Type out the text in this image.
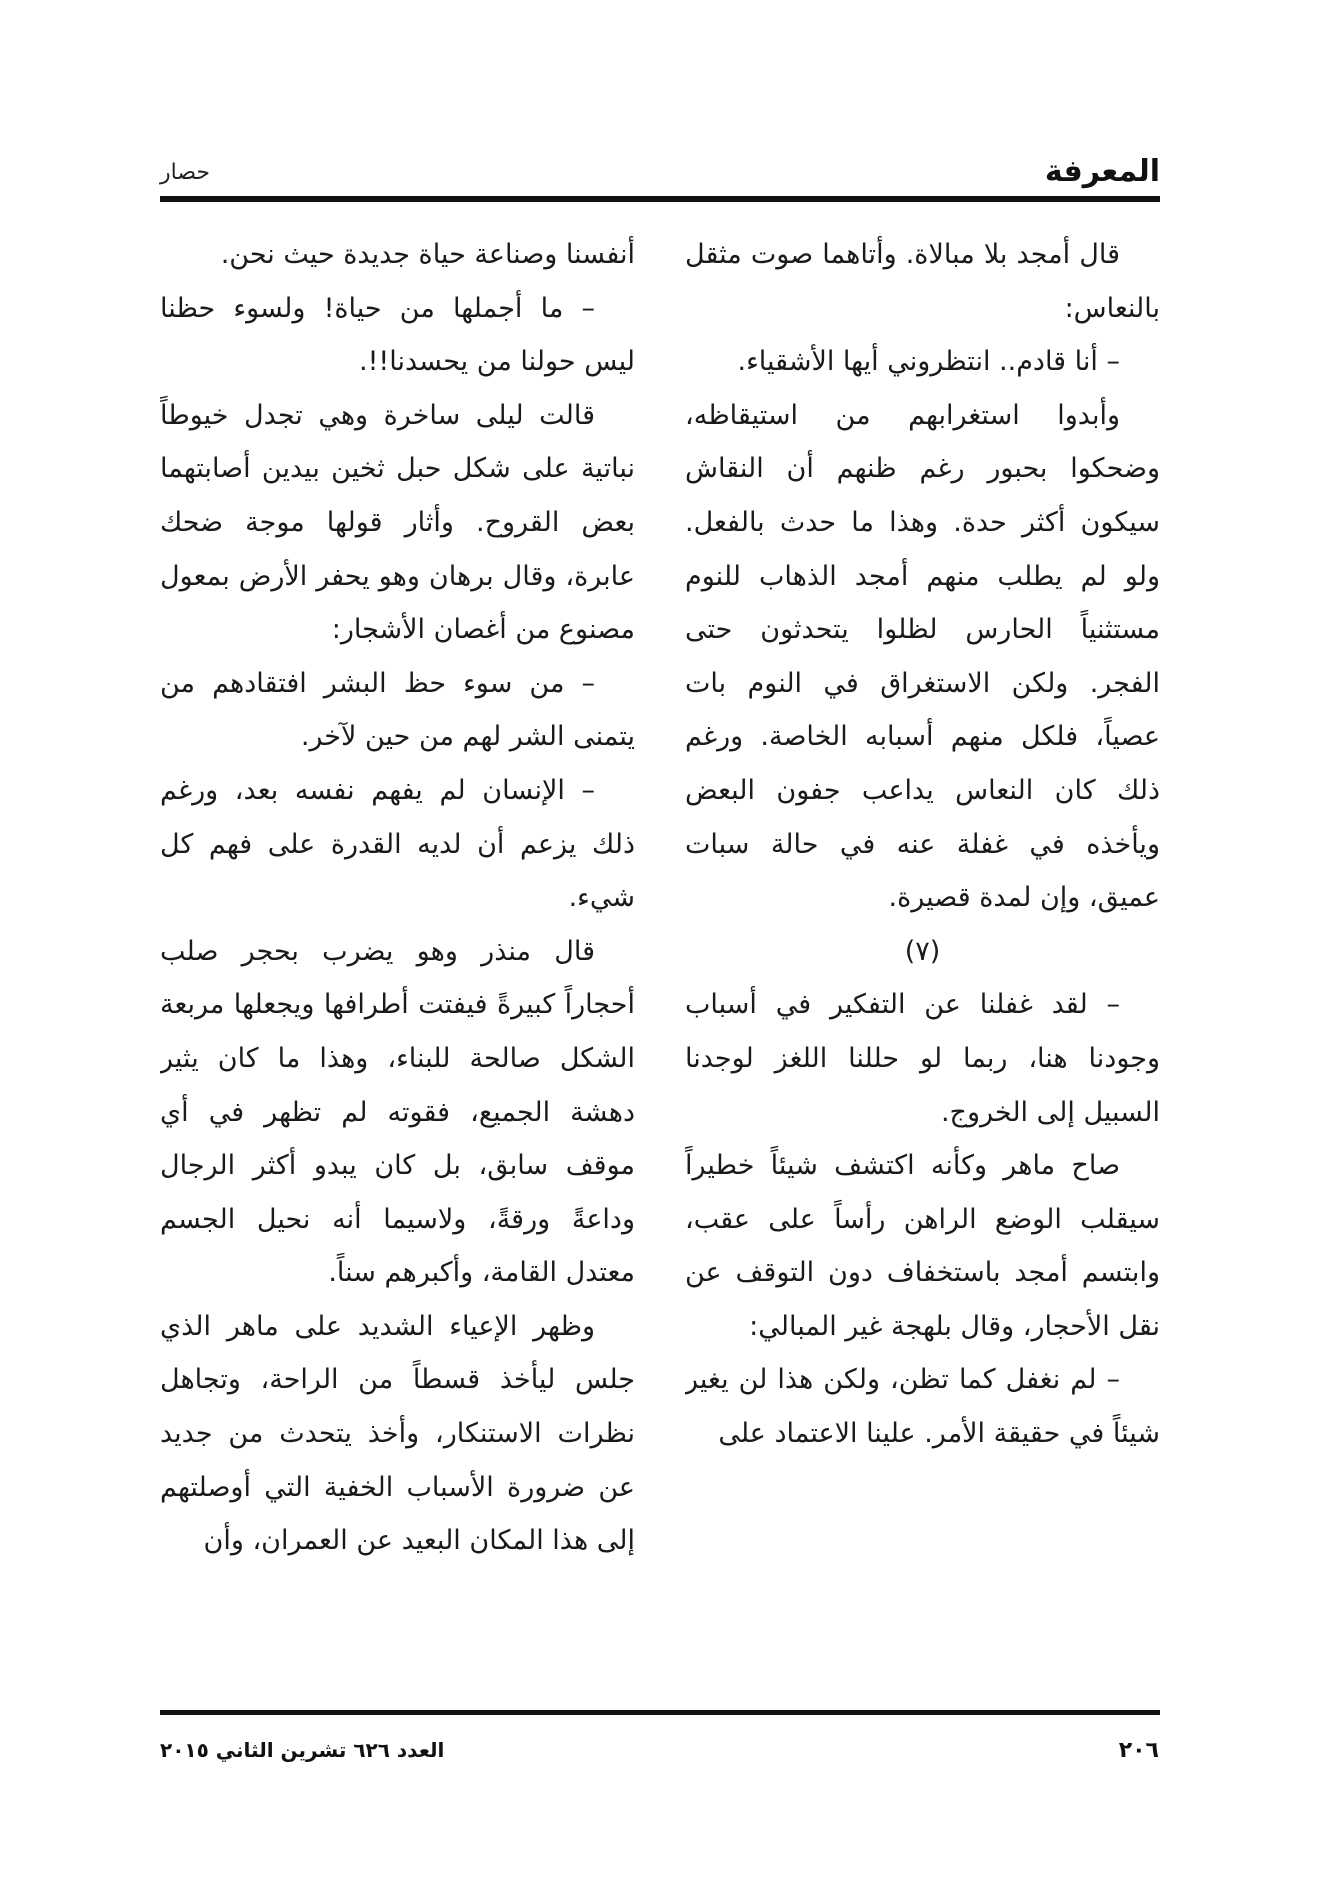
المعرفة
حصار

قال أمجد بلا مبالاة. وأتاهما صوت مثقل بالنعاس:

– أنا قادم.. انتظروني أيها الأشقياء.

وأبدوا استغرابهم من استيقاظه، وضحكوا بحبور رغم ظنهم أن النقاش سيكون أكثر حدة. وهذا ما حدث بالفعل. ولو لم يطلب منهم أمجد الذهاب للنوم مستثنياً الحارس لظلوا يتحدثون حتى الفجر. ولكن الاستغراق في النوم بات عصياً، فلكل منهم أسبابه الخاصة. ورغم ذلك كان النعاس يداعب جفون البعض ويأخذه في غفلة عنه في حالة سبات عميق، وإن لمدة قصيرة.

(٧)

– لقد غفلنا عن التفكير في أسباب وجودنا هنا، ربما لو حللنا اللغز لوجدنا السبيل إلى الخروج.

صاح ماهر وكأنه اكتشف شيئاً خطيراً سيقلب الوضع الراهن رأساً على عقب، وابتسم أمجد باستخفاف دون التوقف عن نقل الأحجار، وقال بلهجة غير المبالي:

– لم نغفل كما تظن، ولكن هذا لن يغير شيئاً في حقيقة الأمر. علينا الاعتماد على

أنفسنا وصناعة حياة جديدة حيث نحن.

– ما أجملها من حياة! ولسوء حظنا ليس حولنا من يحسدنا!!.

قالت ليلى ساخرة وهي تجدل خيوطاً نباتية على شكل حبل ثخين بيدين أصابتهما بعض القروح. وأثار قولها موجة ضحك عابرة، وقال برهان وهو يحفر الأرض بمعول مصنوع من أغصان الأشجار:

– من سوء حظ البشر افتقادهم من يتمنى الشر لهم من حين لآخر.

– الإنسان لم يفهم نفسه بعد، ورغم ذلك يزعم أن لديه القدرة على فهم كل شيء.

قال منذر وهو يضرب بحجر صلب أحجاراً كبيرةً فيفتت أطرافها ويجعلها مربعة الشكل صالحة للبناء، وهذا ما كان يثير دهشة الجميع، فقوته لم تظهر في أي موقف سابق، بل كان يبدو أكثر الرجال وداعةً ورقةً، ولاسيما أنه نحيل الجسم معتدل القامة، وأكبرهم سناً.

وظهر الإعياء الشديد على ماهر الذي جلس ليأخذ قسطاً من الراحة، وتجاهل نظرات الاستنكار، وأخذ يتحدث من جديد عن ضرورة الأسباب الخفية التي أوصلتهم إلى هذا المكان البعيد عن العمران، وأن

٢٠٦
العدد ٦٢٦ تشرين الثاني ٢٠١٥
